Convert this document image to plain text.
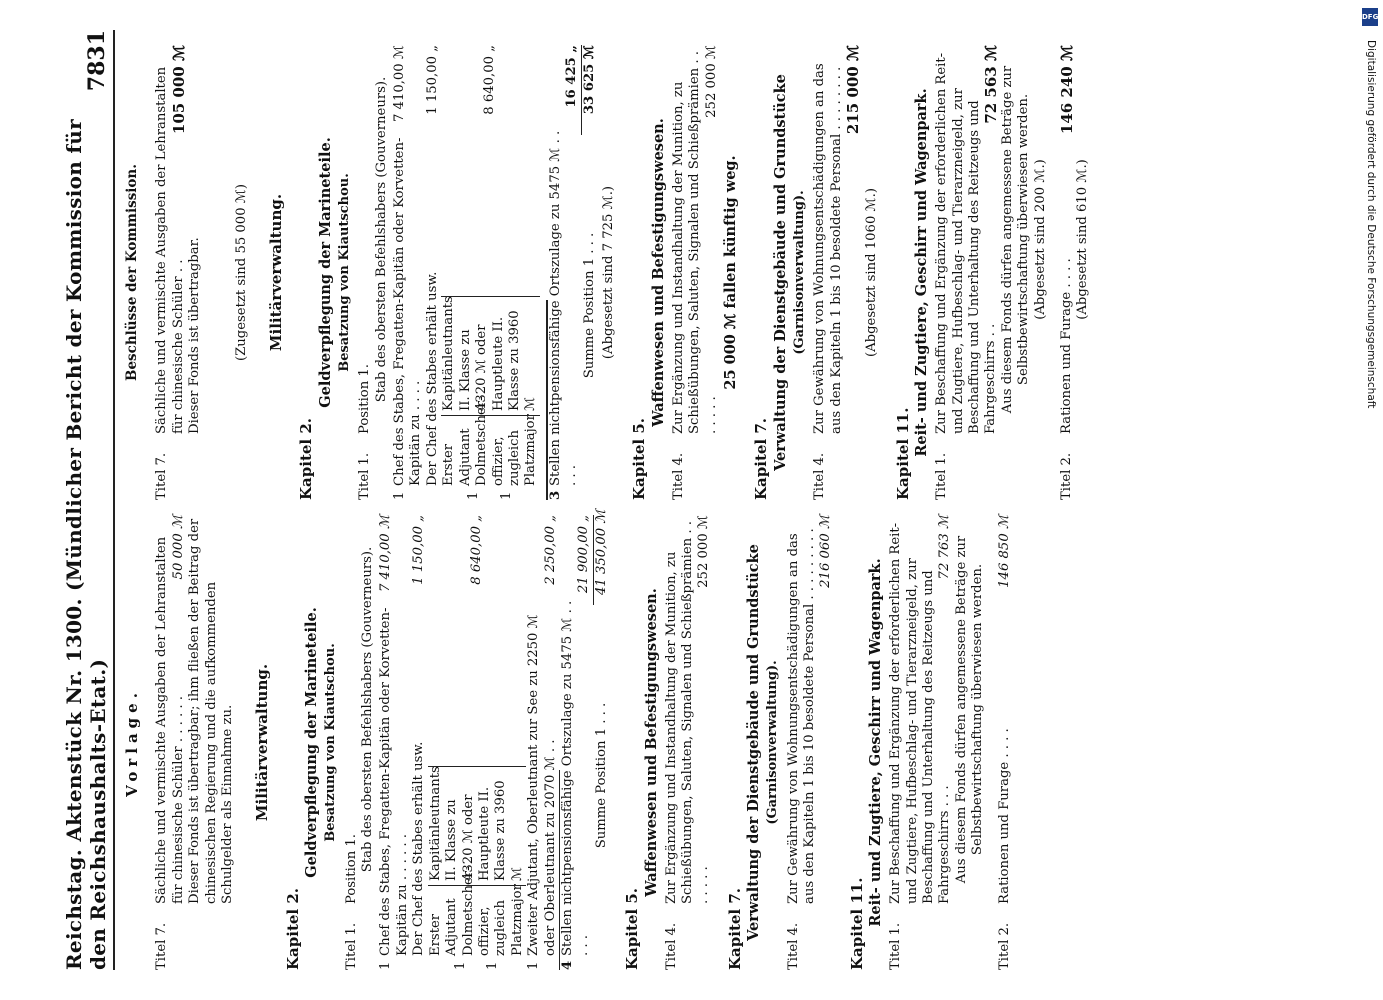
Reichstag. Aktenstück Nr. 1300. (Mündlicher Bericht der Kommission für den Reichshaushalts-Etat.)
7831
Vorlage.
Titel 7.
Sächliche und vermischte Ausgaben der Lehranstalten für chinesische Schüler . . . . . .
50 000 ℳ Dieser Fonds ist übertragbar; ihm fließen der Beitrag der chinesischen Regierung und die aufkommenden Schulgelder als Einnahme zu. Militärverwaltung.
Kapitel 2.
Geldverpflegung der Marineteile. Besatzung von Kiautschou.
Titel 1.
Position 1. Stab des obersten Befehlshabers (Gouverneurs).
1
Chef des Stabes, Fregatten-Kapitän oder Korvetten-Kapitän zu . . . . . .
7 410,00 ℳ
Der Chef des Stabes erhält usw.
1 150,00 „
1 1
Erster Adjutant Dolmetscher-offizier, zugleich Platzmajor
Kapitänleutnants II. Klasse zu 4320 ℳ oder Hauptleute II. Klasse zu 3960 ℳ
8 640,00 „
1
Zweiter Adjutant, Oberleutnant zur See zu 2250 ℳ oder Oberleutnant zu 2070 ℳ . .
2 250,00 „
4
Stellen nichtpensionsfähige Ortszulage zu 5475 ℳ . . . . .
21 900,00 „
Summe Position 1 . . .
41 350,00 ℳ
Kapitel 5.
Waffenwesen und Befestigungswesen.
Titel 4.
Zur Ergänzung und Instandhaltung der Munition, zu Schießübungen, Saluten, Signalen und Schießprämien . . . . . . .
252 000 ℳ
Kapitel 7. Verwaltung der Dienstgebäude und Grundstücke (Garnisonverwaltung).
Titel 4.
Zur Gewährung von Wohnungsentschädigungen an das aus den Kapiteln 1 bis 10 besoldete Personal . . . . . . . . . 216 060 ℳ
Kapitel 11. Reit- und Zugtiere, Geschirr und Wagenpark.
Titel 1.
Zur Beschaffung und Ergänzung der erforderlichen Reit- und Zugtiere, Hufbeschlag- und Tierarzneigeld, zur Beschaffung und Unterhaltung des Reitzeugs und Fahrgeschirrs . . .
72 763 ℳ Aus diesem Fonds dürfen angemessene Beträge zur Selbstbewirtschaftung überwiesen werden.
Titel 2.
Rationen und Furage . . . .
146 850 ℳ
Beschlüsse der Kommission.
Titel 7.
Sächliche und vermischte Ausgaben der Lehranstalten für chinesische Schüler . .
105 000 ℳ
Dieser Fonds ist übertragbar. (Zugesetzt sind 55 000 ℳ) Militärverwaltung.
Kapitel 2.
Geldverpflegung der Marineteile. Besatzung von Kiautschou.
Titel 1.
Position 1. Stab des obersten Befehlshabers (Gouverneurs).
1
Chef des Stabes, Fregatten-Kapitän oder Korvetten-Kapitän zu . . . .
7 410,00 ℳ
Der Chef des Stabes erhält usw.
1 150,00 „
1 1
Erster Adjutant Dolmetscher-offizier, zugleich Platzmajor
Kapitänleutnants II. Klasse zu 4320 ℳ oder Hauptleute II. Klasse zu 3960 ℳ
8 640,00 „
3
Stellen nichtpensionsfähige Ortszulage zu 5475 ℳ . . . . .
16 425 „
Summe Position 1 . . .
33 625 ℳ
(Abgesetzt sind 7 725 ℳ.)
Kapitel 5.
Waffenwesen und Befestigungswesen.
Titel 4.
Zur Ergänzung und Instandhaltung der Munition, zu Schießübungen, Saluten, Signalen und Schießprämien . . . . . . .
252 000 ℳ
25 000 ℳ fallen künftig weg.
Kapitel 7. Verwaltung der Dienstgebäude und Grundstücke (Garnisonverwaltung).
Titel 4.
Zur Gewährung von Wohnungsentschädigungen an das aus den Kapiteln 1 bis 10 besoldete Personal . . . . . . . . 215 000 ℳ
(Abgesetzt sind 1060 ℳ.)
Kapitel 11. Reit- und Zugtiere, Geschirr und Wagenpark.
Titel 1.
Zur Beschaffung und Ergänzung der erforderlichen Reit- und Zugtiere, Hufbeschlag- und Tierarzneigeld, zur Beschaffung und Unterhaltung des Reitzeugs und Fahrgeschirrs . .
72 563 ℳ Aus diesem Fonds dürfen angemessene Beträge zur Selbstbewirtschaftung überwiesen werden. (Abgesetzt sind 200 ℳ.)
Titel 2.
Rationen und Furage . . . .
146 240 ℳ
(Abgesetzt sind 610 ℳ.)
DFG
Digitalisierung gefördert durch die Deutsche Forschungsgemeinschaft
